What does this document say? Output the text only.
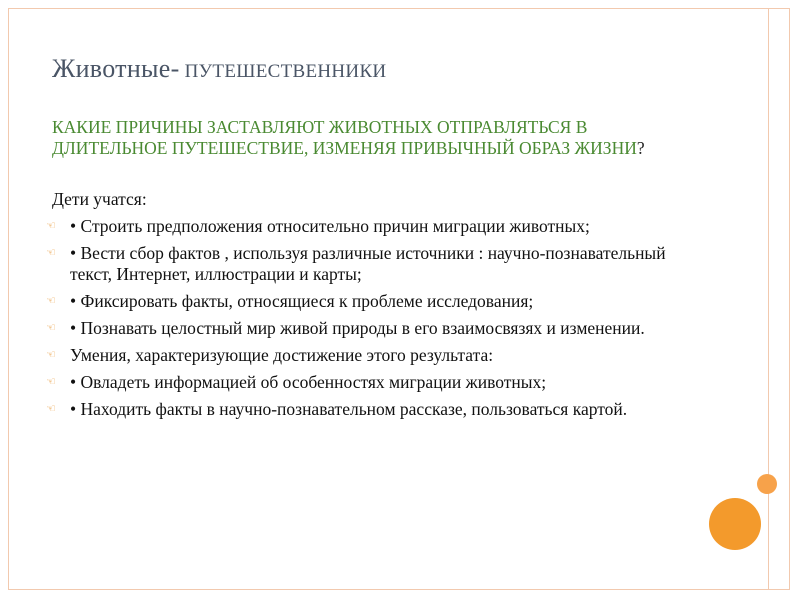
Животные- ПУТЕШЕСТВЕННИКИ
КАКИЕ ПРИЧИНЫ ЗАСТАВЛЯЮТ ЖИВОТНЫХ ОТПРАВЛЯТЬСЯ В ДЛИТЕЛЬНОЕ ПУТЕШЕСТВИЕ, ИЗМЕНЯЯ ПРИВЫЧНЫЙ ОБРАЗ ЖИЗНИ?
Дети учатся:
☜ • Строить предположения относительно причин миграции животных;
☜ • Вести сбор фактов , используя различные источники : научно-познавательный текст, Интернет, иллюстрации и карты;
☜ • Фиксировать факты, относящиеся к проблеме исследования;
☜ • Познавать целостный мир живой природы в его взаимосвязях и изменении.
☜ Умения, характеризующие достижение этого результата:
☜ • Овладеть информацией об особенностях миграции животных;
☜ • Находить факты в научно-познавательном рассказе, пользоваться картой.
